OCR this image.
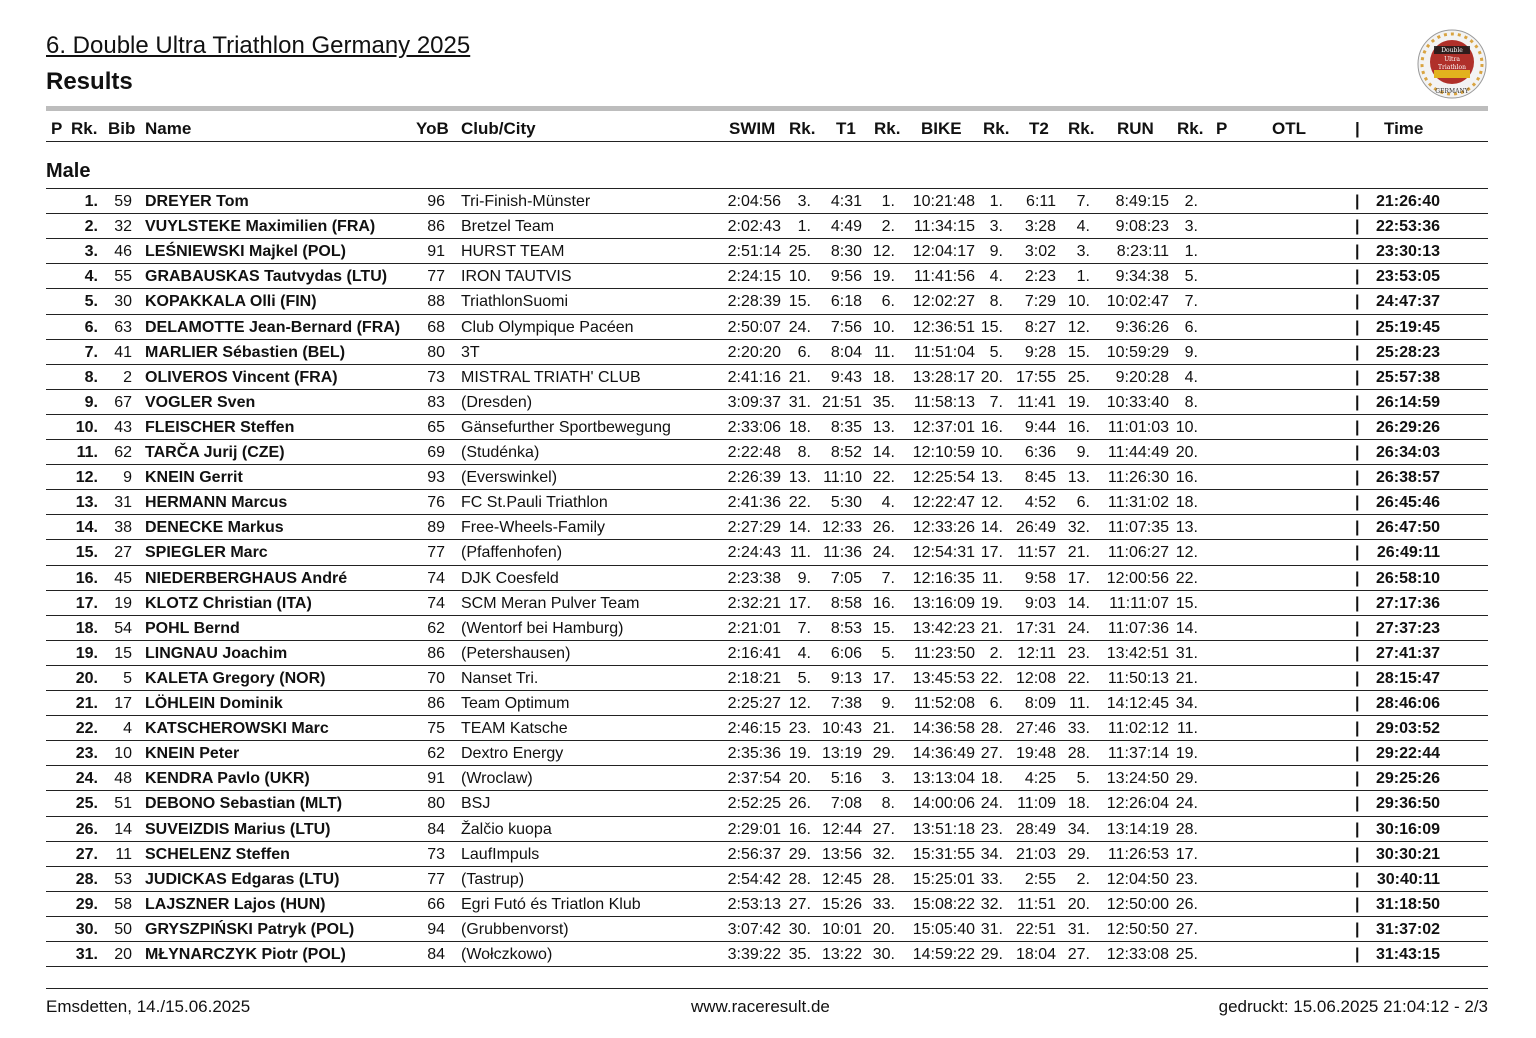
6. Double Ultra Triathlon Germany 2025
Results
Double
Ultra
Triathlon
GERMANY
P Rk. Bib Name	YoB Club/City	SWIM Rk. T1 Rk. BIKE Rk. T2 Rk. RUN Rk. P	OTL	| Time
Male
1. 59 DREYER Tom	96 Tri-Finish-Münster	2:04:56 3. 4:31 1. 10:21:48 1. 6:11 7. 8:49:15 2.	21:26:40
|
2. 32 VUYLSTEKE Maximilien (FRA)	86 Bretzel Team	2:02:43 1. 4:49 2. 11:34:15 3. 3:28 4. 9:08:23 3.	22:53:36
|
3. 46 LEŚNIEWSKI Majkel (POL)	91 HURST TEAM	2:51:14 25. 8:30 12. 12:04:17 9. 3:02 3. 8:23:11 1.	23:30:13
|
4. 55 GRABAUSKAS Tautvydas (LTU)	77 IRON TAUTVIS	2:24:15 10. 9:56 19. 11:41:56 4. 2:23 1. 9:34:38 5.	23:53:05
|
5. 30 KOPAKKALA Olli (FIN)	88 TriathlonSuomi	2:28:39 15. 6:18 6. 12:02:27 8. 7:29 10. 10:02:47 7.	24:47:37
|
6. 63 DELAMOTTE Jean-Bernard (FRA) 68 Club Olympique Pacéen	2:50:07 24. 7:56 10. 12:36:51 15. 8:27 12. 9:36:26 6.	25:19:45
|
7. 41 MARLIER Sébastien (BEL)	80 3T	2:20:20 6. 8:04 11. 11:51:04 5. 9:28 15. 10:59:29 9.	25:28:23
|
8. 2 OLIVEROS Vincent (FRA)	73 MISTRAL TRIATH' CLUB	2:41:16 21. 9:43 18. 13:28:17 20. 17:55 25. 9:20:28 4.	25:57:38
|
9. 67 VOGLER Sven	83 (Dresden)	3:09:37 31. 21:51 35. 11:58:13 7. 11:41 19. 10:33:40 8.	26:14:59
|
10. 43 FLEISCHER Steffen	65 Gänsefurther Sportbewegung	2:33:06 18. 8:35 13. 12:37:01 16. 9:44 16. 11:01:03 10.	26:29:26
|
11. 62 TARČA Jurij (CZE)	69 (Studénka)	2:22:48 8. 8:52 14. 12:10:59 10. 6:36 9. 11:44:49 20.	26:34:03
|
12. 9 KNEIN Gerrit	93 (Everswinkel)	2:26:39 13. 11:10 22. 12:25:54 13. 8:45 13. 11:26:30 16.	26:38:57
|
13. 31 HERMANN Marcus	76 FC St.Pauli Triathlon	2:41:36 22. 5:30 4. 12:22:47 12. 4:52 6. 11:31:02 18.	26:45:46
|
14. 38 DENECKE Markus	89 Free-Wheels-Family	2:27:29 14. 12:33 26. 12:33:26 14. 26:49 32. 11:07:35 13.	26:47:50
|
15. 27 SPIEGLER Marc	77 (Pfaffenhofen)	2:24:43 11. 11:36 24. 12:54:31 17. 11:57 21. 11:06:27 12.	26:49:11
|
16. 45 NIEDERBERGHAUS André	74 DJK Coesfeld	2:23:38 9. 7:05 7. 12:16:35 11. 9:58 17. 12:00:56 22.	26:58:10
|
17. 19 KLOTZ Christian (ITA)	74 SCM Meran Pulver Team	2:32:21 17. 8:58 16. 13:16:09 19. 9:03 14. 11:11:07 15.	27:17:36
|
18. 54 POHL Bernd	62 (Wentorf bei Hamburg)	2:21:01 7. 8:53 15. 13:42:23 21. 17:31 24. 11:07:36 14.	27:37:23
|
19. 15 LINGNAU Joachim	86 (Petershausen)	2:16:41 4. 6:06 5. 11:23:50 2. 12:11 23. 13:42:51 31.	27:41:37
|
20. 5 KALETA Gregory (NOR)	70 Nanset Tri.	2:18:21 5. 9:13 17. 13:45:53 22. 12:08 22. 11:50:13 21.	28:15:47
|
21. 17 LÖHLEIN Dominik	86 Team Optimum	2:25:27 12. 7:38 9. 11:52:08 6. 8:09 11. 14:12:45 34.	28:46:06
|
22. 4 KATSCHEROWSKI Marc	75 TEAM Katsche	2:46:15 23. 10:43 21. 14:36:58 28. 27:46 33. 11:02:12 11.	29:03:52
|
23. 10 KNEIN Peter	62 Dextro Energy	2:35:36 19. 13:19 29. 14:36:49 27. 19:48 28. 11:37:14 19.	29:22:44
|
24. 48 KENDRA Pavlo (UKR)	91 (Wroclaw)	2:37:54 20. 5:16 3. 13:13:04 18. 4:25 5. 13:24:50 29.	29:25:26
|
25. 51 DEBONO Sebastian (MLT)	80 BSJ	2:52:25 26. 7:08 8. 14:00:06 24. 11:09 18. 12:26:04 24.	29:36:50
|
26. 14 SUVEIZDIS Marius (LTU)	84 Žalčio kuopa	2:29:01 16. 12:44 27. 13:51:18 23. 28:49 34. 13:14:19 28.	30:16:09
|
27. 11 SCHELENZ Steffen	73 LaufImpuls	2:56:37 29. 13:56 32. 15:31:55 34. 21:03 29. 11:26:53 17.	30:30:21
|
28. 53 JUDICKAS Edgaras (LTU)	77 (Tastrup)	2:54:42 28. 12:45 28. 15:25:01 33. 2:55 2. 12:04:50 23.	30:40:11
|
29. 58 LAJSZNER Lajos (HUN)	66 Egri Futó és Triatlon Klub	2:53:13 27. 15:26 33. 15:08:22 32. 11:51 20. 12:50:00 26.	31:18:50
|
30. 50 GRYSZPIŃSKI Patryk (POL)	94 (Grubbenvorst)	3:07:42 30. 10:01 20. 15:05:40 31. 22:51 31. 12:50:50 27.	31:37:02
|
31. 20 MŁYNARCZYK Piotr (POL)	84 (Wołczkowo)	3:39:22 35. 13:22 30. 14:59:22 29. 18:04 27. 12:33:08 25.	31:43:15
|
Emsdetten, 14./15.06.2025	www.raceresult.de	gedruckt: 15.06.2025 21:04:12 - 2/3
